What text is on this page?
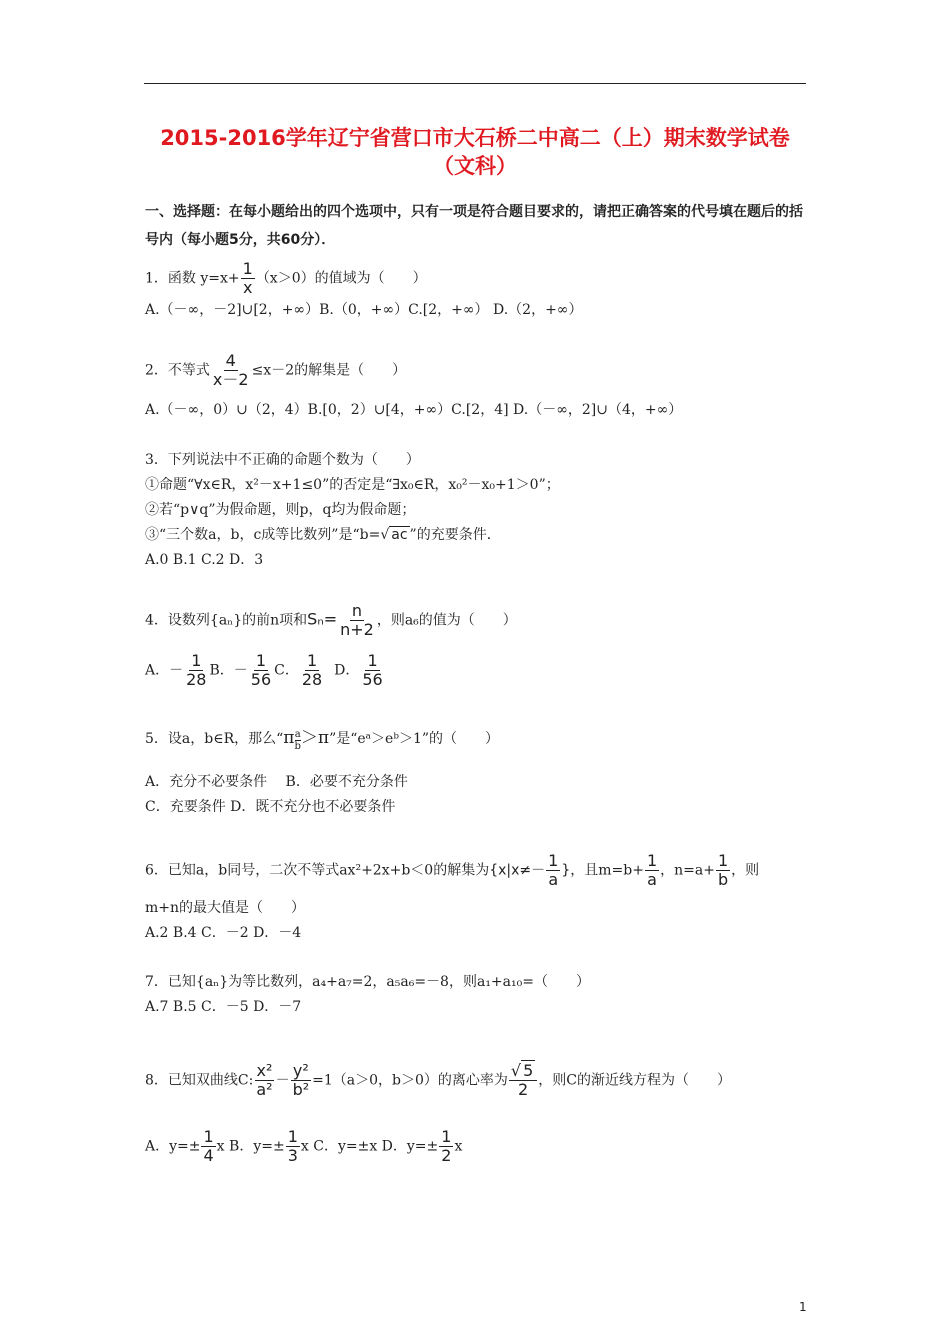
2015-2016学年辽宁省营口市大石桥二中高二（上）期末数学试卷（文科）
一、选择题：在每小题给出的四个选项中，只有一项是符合题目要求的，请把正确答案的代号填在题后的括号内（每小题5分，共60分）．
1．函数 $y=x+ \frac{1}{x} (x>0)$的值域为（　　）
A.（－∞，－2]∪[2，+∞）B.（0，+∞）C.[2，+∞） D.（2，+∞）
2．不等式 $\frac{4}{x-2} \le x-2$的解集是（　　）
A.（－∞，0）∪（2，4）B.[0，2）∪[4，+∞）C.[2，4] D.（－∞，2]∪（4，+∞）
3．下列说法中不正确的命题个数为（　　）
①命题“∀x∈R，x²－x+1≤0”的否定是“∃x₀∈R，x₀²－x₀+1＞0”；
②若“p∨q”为假命题，则p，q均为假命题；
③“三个数a，b，c成等比数列”是“b=√ ac ”的充要条件．
A.0 B.1 C.2 D．3
4．设数列{aₙ}的前n项和$S_n= \frac{n}{n+2}$ ，则a₆的值为（　　）
A．－ $\frac{1}{28}$ B．－ $\frac{1}{56}$ C． $\frac{1}{28}$ D． $\frac{1}{56}$
5．设a，b∈R，那么“$\pi \frac{a}{b} >\pi$”是“eᵃ＞eᵇ＞1”的（　　）
A．充分不必要条件　 B．必要不充分条件
C．充要条件 D．既不充分也不必要条件
6．已知a，b同号，二次不等式ax²+2x+b＜0的解集为{$x|x\ne- \frac{1}{a}$ }，且$m=b+ \frac{1}{a}$ ，$n=a+ \frac{1}{b}$ ，则
m+n的最大值是（　　）
A.2 B.4 C．－2 D．－4
7．已知{aₙ}为等比数列，a₄+a₇=2，a₅a₆=－8，则a₁+a₁₀=（　　）
A.7 B.5 C．－5 D．－7
8．已知双曲线C: $\frac{\text{x²}}{\text{a²}} - \frac{\text{y²}}{\text{b²}} =1(a>0$，b＞0）的离心率为 $\frac{√ 5}{2}$ ，则C的渐近线方程为（　　）
A．$y=\pm \frac{1}{4}$ x B．$y=\pm \frac{1}{3}$ x C．y=±x D．$y=\pm \frac{1}{2}$ x
1
